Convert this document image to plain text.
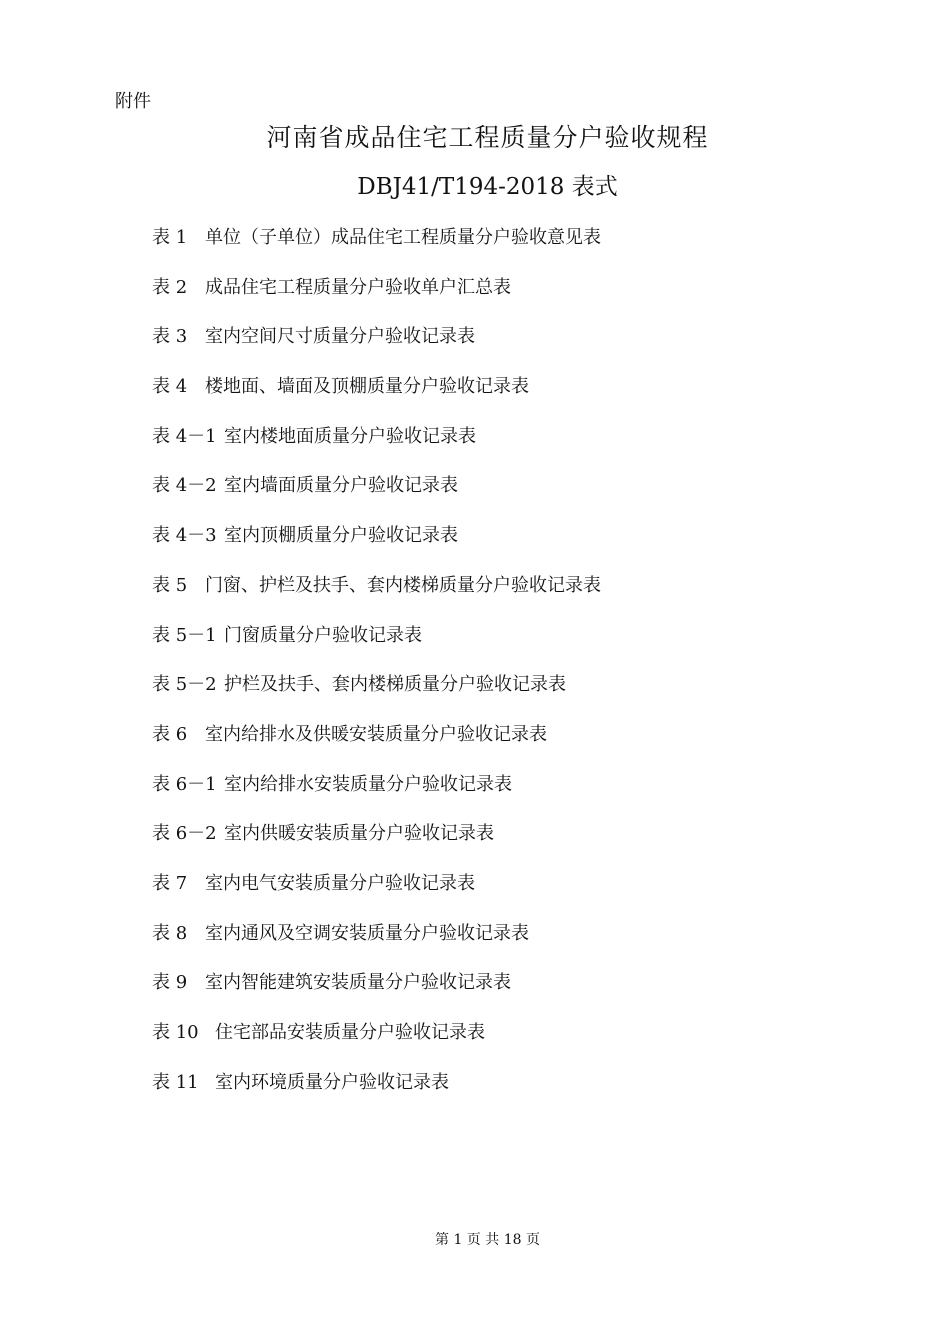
附件
河南省成品住宅工程质量分户验收规程
DBJ41/T194-2018 表式
表 1 单位（子单位）成品住宅工程质量分户验收意见表
表 2 成品住宅工程质量分户验收单户汇总表
表 3 室内空间尺寸质量分户验收记录表
表 4 楼地面、墙面及顶棚质量分户验收记录表
表 4－1 室内楼地面质量分户验收记录表
表 4－2 室内墙面质量分户验收记录表
表 4－3 室内顶棚质量分户验收记录表
表 5 门窗、护栏及扶手、套内楼梯质量分户验收记录表
表 5－1 门窗质量分户验收记录表
表 5－2 护栏及扶手、套内楼梯质量分户验收记录表
表 6 室内给排水及供暖安装质量分户验收记录表
表 6－1 室内给排水安装质量分户验收记录表
表 6－2 室内供暖安装质量分户验收记录表
表 7 室内电气安装质量分户验收记录表
表 8 室内通风及空调安装质量分户验收记录表
表 9 室内智能建筑安装质量分户验收记录表
表 10 住宅部品安装质量分户验收记录表
表 11 室内环境质量分户验收记录表
第 1 页 共 18 页
